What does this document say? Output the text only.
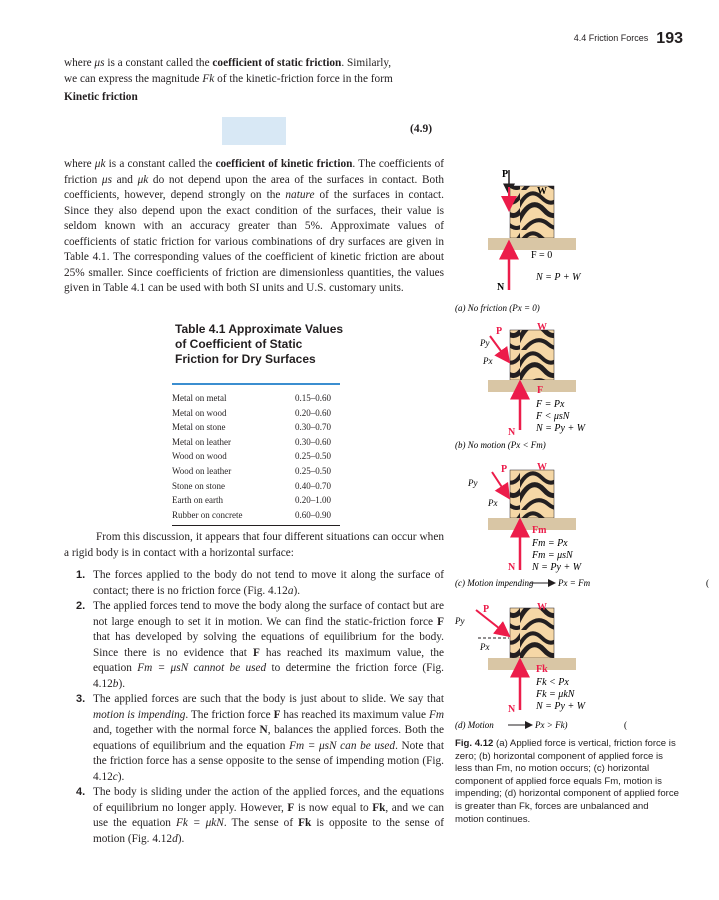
4.4 Friction Forces 193

where μs is a constant called the coefficient of static friction. Similarly,

we can express the magnitude Fk of the kinetic-friction force in the form

Kinetic friction

(4.9)

where μk is a constant called the coefficient of kinetic friction. The coefficients of friction μs and μk do not depend upon the area of the surfaces in contact. Both coefficients, however, depend strongly on the nature of the surfaces in contact. Since they also depend upon the exact condition of the surfaces, their value is seldom known with an accuracy greater than 5%. Approximate values of coefficients of static friction for various combinations of dry surfaces are given in Table 4.1. The corresponding values of the coefficient of kinetic friction are about 25% smaller. Since coefficients of friction are dimensionless quantities, the values given in Table 4.1 can be used with both SI units and U.S. customary units.

Table 4.1 Approximate Values of Coefficient of Static Friction for Dry Surfaces
Metal on metal	0.15–0.60
Metal on wood	0.20–0.60
Metal on stone	0.30–0.70
Metal on leather	0.30–0.60
Wood on wood	0.25–0.50
Wood on leather	0.25–0.50
Stone on stone	0.40–0.70
Earth on earth	0.20–1.00
Rubber on concrete	0.60–0.90

From this discussion, it appears that four different situations can occur when a rigid body is in contact with a horizontal surface:

1. The forces applied to the body do not tend to move it along the surface of contact; there is no friction force (Fig. 4.12a).
2. The applied forces tend to move the body along the surface of contact but are not large enough to set it in motion. We can find the static-friction force F that has developed by solving the equations of equilibrium for the body. Since there is no evidence that F has reached its maximum value, the equation Fm = μsN cannot be used to determine the friction force (Fig. 4.12b).
3. The applied forces are such that the body is just about to slide. We say that motion is impending. The friction force F has reached its maximum value Fm and, together with the normal force N, balances the applied forces. Both the equations of equilibrium and the equation Fm = μsN can be used. Note that the friction force has a sense opposite to the sense of impending motion (Fig. 4.12c).
4. The body is sliding under the action of the applied forces, and the equations of equilibrium no longer apply. However, F is now equal to Fk, and we can use the equation Fk = μkN. The sense of Fk is opposite to the sense of motion (Fig. 4.12d).
P
W
F = 0
N = P + W
N
(a) No friction (Px = 0)
P
Py
Px
W
F
F = Px
F < μsN
N = Py + W
N
(b) No motion (Px < Fm)
P
Py
Px
W
Fm
Fm = Px
Fm = μsN
N = Py + W
N
(c) Motion impending	Px = Fm	(
P
Py
Px
W
Fk
Fk < Px
Fk = μkN
N = Py + W
N
(d) Motion	Px > Fk)	(
Fig. 4.12 (a) Applied force is vertical, friction force is zero; (b) horizontal component of applied force is less than Fm, no motion occurs; (c) horizontal component of applied force equals Fm, motion is impending; (d) horizontal component of applied force is greater than Fk, forces are unbalanced and motion continues.
